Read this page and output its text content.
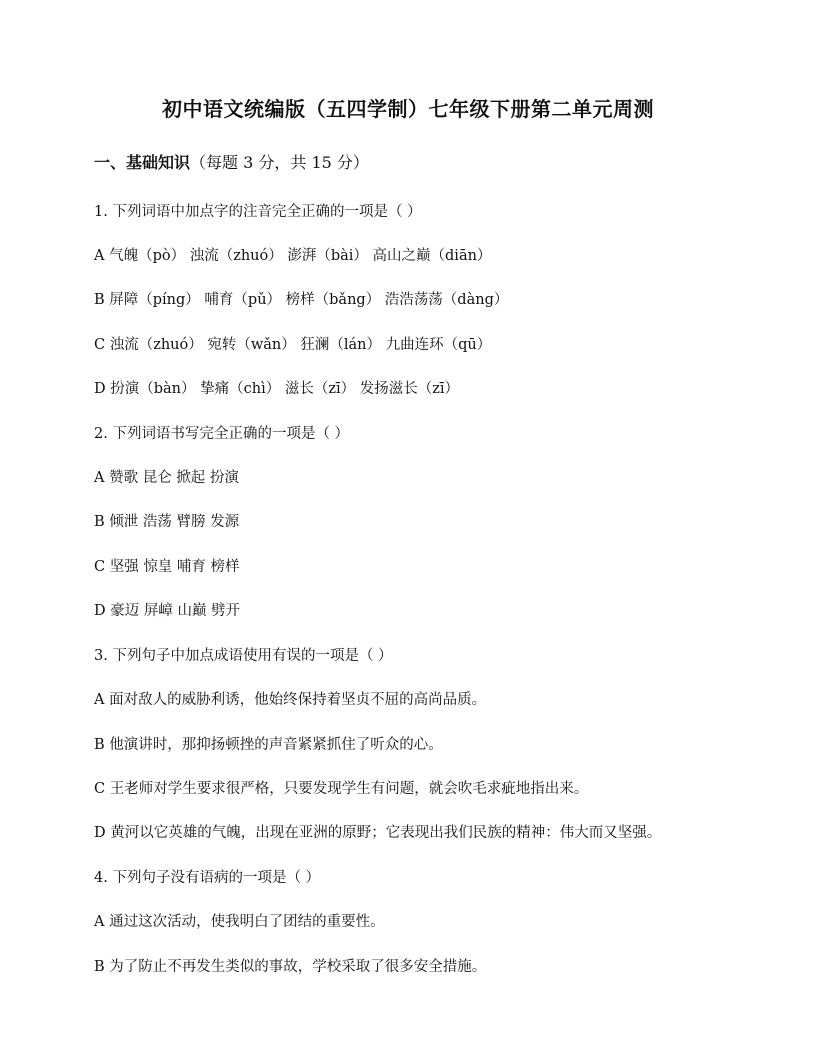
初中语文统编版（五四学制）七年级下册第二单元周测
一、基础知识（每题 3 分，共 15 分）
1. 下列词语中加点字的注音完全正确的一项是（ ）
A 气魄（pò） 浊流（zhuó） 澎湃（bài） 高山之巅（diān）
B 屏障（píng） 哺育（pǔ） 榜样（bǎng） 浩浩荡荡（dàng）
C 浊流（zhuó） 宛转（wǎn） 狂澜（lán） 九曲连环（qū）
D 扮演（bàn） 挚痛（chì） 滋长（zī） 发扬滋长（zī）
2. 下列词语书写完全正确的一项是（ ）
A 赞歌 昆仑 掀起 扮演
B 倾泄 浩荡 臂膀 发源
C 坚强 惊皇 哺育 榜样
D 豪迈 屏嶂 山巅 劈开
3. 下列句子中加点成语使用有误的一项是（ ）
A 面对敌人的威胁利诱，他始终保持着坚贞不屈的高尚品质。
B 他演讲时，那抑扬顿挫的声音紧紧抓住了听众的心。
C 王老师对学生要求很严格，只要发现学生有问题，就会吹毛求疵地指出来。
D 黄河以它英雄的气魄，出现在亚洲的原野；它表现出我们民族的精神：伟大而又坚强。
4. 下列句子没有语病的一项是（ ）
A 通过这次活动，使我明白了团结的重要性。
B 为了防止不再发生类似的事故，学校采取了很多安全措施。
